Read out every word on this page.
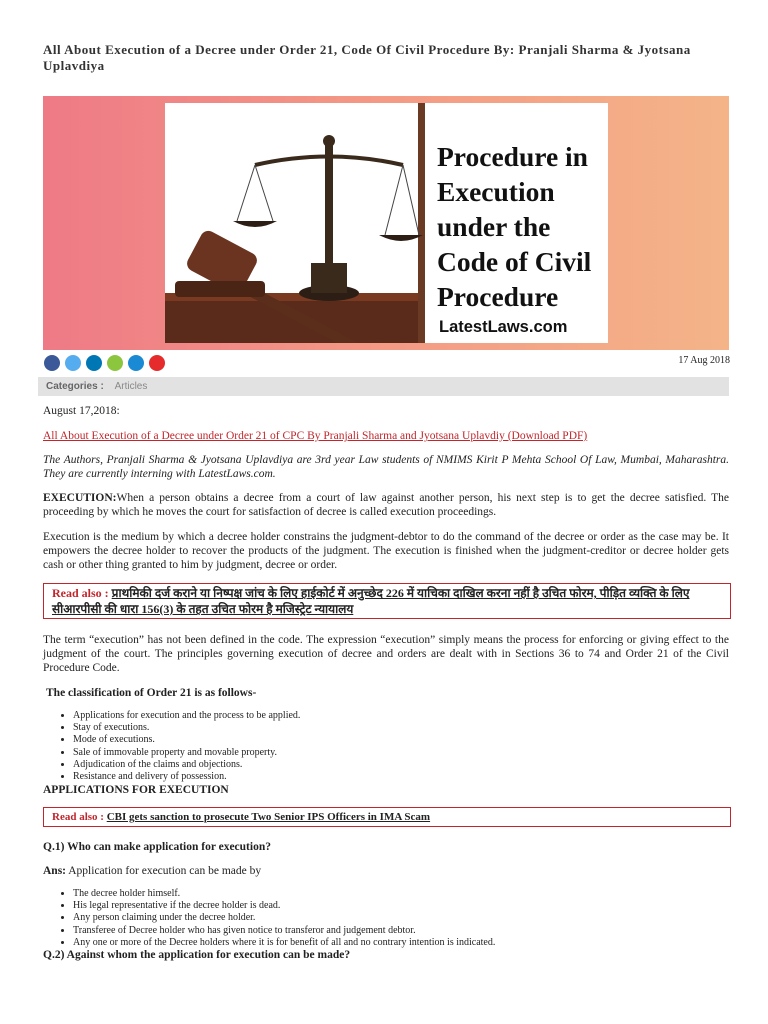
All About Execution of a Decree under Order 21, Code Of Civil Procedure By: Pranjali Sharma & Jyotsana Uplavdiya
Procedure in Execution under the Code of Civil Procedure
LatestLaws.com
17 Aug 2018
Categories : Articles
August 17,2018:
All About Execution of a Decree under Order 21 of CPC By Pranjali Sharma and Jyotsana Uplavdiy (Download PDF)
The Authors, Pranjali Sharma & Jyotsana Uplavdiya are 3rd year Law students of NMIMS Kirit P Mehta School Of Law, Mumbai, Maharashtra. They are currently interning with LatestLaws.com.
EXECUTION:When a person obtains a decree from a court of law against another person, his next step is to get the decree satisfied. The proceeding by which he moves the court for satisfaction of decree is called execution proceedings.
Execution is the medium by which a decree holder constrains the judgment-debtor to do the command of the decree or order as the case may be. It empowers the decree holder to recover the products of the judgment. The execution is finished when the judgment-creditor or decree holder gets cash or other thing granted to him by judgment, decree or order.
Read also : प्राथमिकी दर्ज कराने या निष्पक्ष जांच के लिए हाईकोर्ट में अनुच्छेद 226 में याचिका दाखिल करना नहीं है उचित फोरम, पीड़ित व्यक्ति के लिए सीआरपीसी की धारा 156(3) के तहत उचित फोरम है मजिस्ट्रेट न्यायालय
The term “execution” has not been defined in the code. The expression “execution” simply means the process for enforcing or giving effect to the judgment of the court. The principles governing execution of decree and orders are dealt with in Sections 36 to 74 and Order 21 of the Civil Procedure Code.
The classification of Order 21 is as follows-
• Applications for execution and the process to be applied.
• Stay of executions.
• Mode of executions.
• Sale of immovable property and movable property.
• Adjudication of the claims and objections.
• Resistance and delivery of possession.
APPLICATIONS FOR EXECUTION
Read also : CBI gets sanction to prosecute Two Senior IPS Officers in IMA Scam
Q.1) Who can make application for execution?
Ans: Application for execution can be made by
• The decree holder himself.
• His legal representative if the decree holder is dead.
• Any person claiming under the decree holder.
• Transferee of Decree holder who has given notice to transferor and judgement debtor.
• Any one or more of the Decree holders where it is for benefit of all and no contrary intention is indicated.
Q.2) Against whom the application for execution can be made?
